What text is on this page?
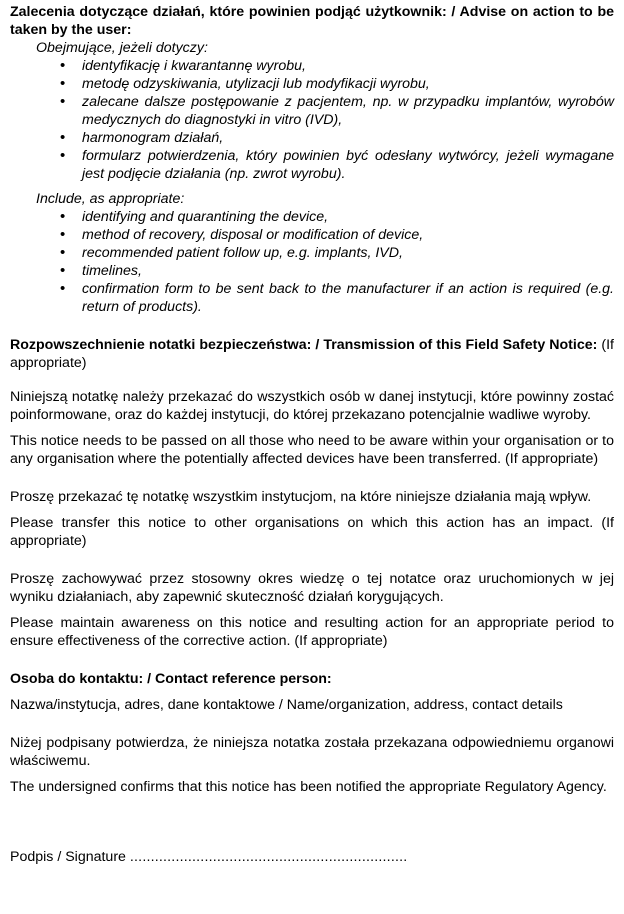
Zalecenia dotyczące działań, które powinien podjąć użytkownik: / Advise on action to be taken by the user:

Obejmujące, jeżeli dotyczy:

• identyfikację i kwarantannę wyrobu,
• metodę odzyskiwania, utylizacji lub modyfikacji wyrobu,
• zalecane dalsze postępowanie z pacjentem, np. w przypadku implantów, wyrobów medycznych do diagnostyki in vitro (IVD),
• harmonogram działań,
• formularz potwierdzenia, który powinien być odesłany wytwórcy, jeżeli wymagane jest podjęcie działania (np. zwrot wyrobu).

Include, as appropriate:

• identifying and quarantining the device,
• method of recovery, disposal or modification of device,
• recommended patient follow up, e.g. implants, IVD,
• timelines,
• confirmation form to be sent back to the manufacturer if an action is required (e.g. return of products).

Rozpowszechnienie notatki bezpieczeństwa: / Transmission of this Field Safety Notice: (If appropriate)

Niniejszą notatkę należy przekazać do wszystkich osób w danej instytucji, które powinny zostać poinformowane, oraz do każdej instytucji, do której przekazano potencjalnie wadliwe wyroby.

This notice needs to be passed on all those who need to be aware within your organisation or to any organisation where the potentially affected devices have been transferred. (If appropriate)

Proszę przekazać tę notatkę wszystkim instytucjom, na które niniejsze działania mają wpływ.

Please transfer this notice to other organisations on which this action has an impact. (If appropriate)

Proszę zachowywać przez stosowny okres wiedzę o tej notatce oraz uruchomionych w jej wyniku działaniach, aby zapewnić skuteczność działań korygujących.

Please maintain awareness on this notice and resulting action for an appropriate period to ensure effectiveness of the corrective action. (If appropriate)

Osoba do kontaktu: / Contact reference person:

Nazwa/instytucja, adres, dane kontaktowe / Name/organization, address, contact details

Niżej podpisany potwierdza, że niniejsza notatka została przekazana odpowiedniemu organowi właściwemu.

The undersigned confirms that this notice has been notified the appropriate Regulatory Agency.

Podpis / Signature ...................................................................
